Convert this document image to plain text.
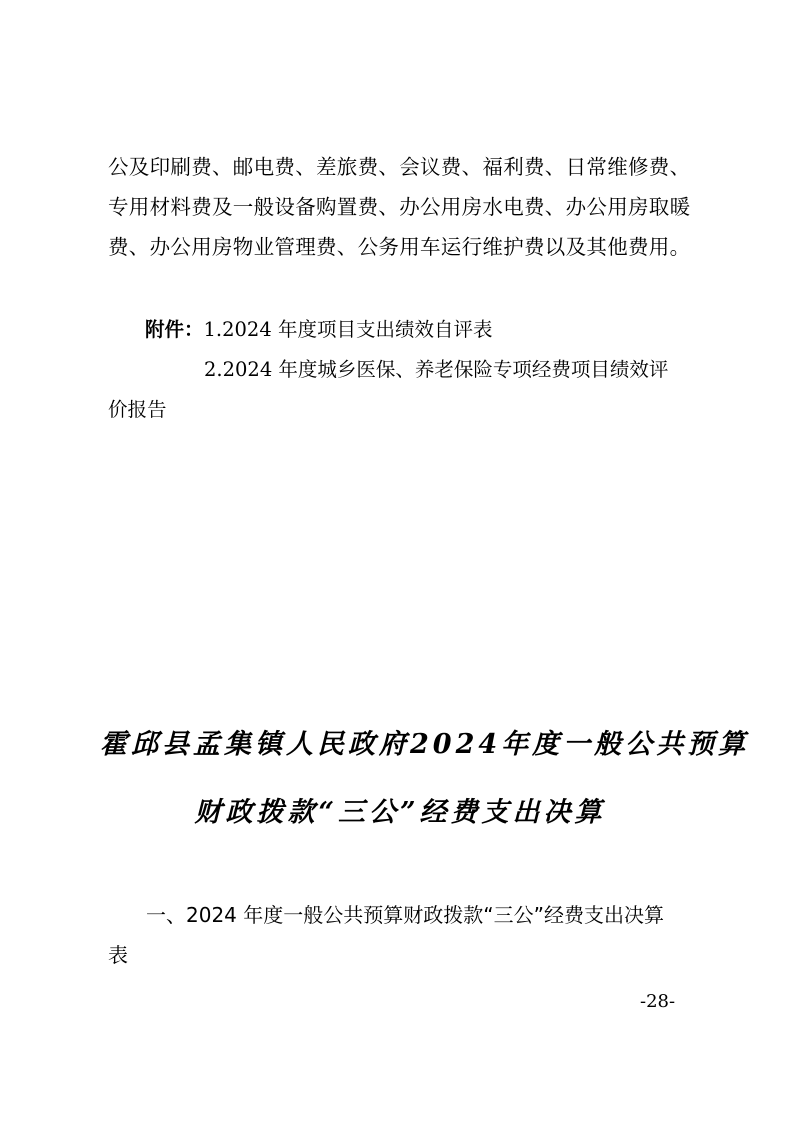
公及印刷费、邮电费、差旅费、会议费、福利费、日常维修费、
专用材料费及一般设备购置费、办公用房水电费、办公用房取暖
费、办公用房物业管理费、公务用车运行维护费以及其他费用。

附件：1.2024 年度项目支出绩效自评表

2.2024 年度城乡医保、养老保险专项经费项目绩效评

价报告

霍邱县孟集镇人民政府2024年度一般公共预算
财政拨款“三公”经费支出决算
一、2024 年度一般公共预算财政拨款“三公”经费支出决算
表
-28-
